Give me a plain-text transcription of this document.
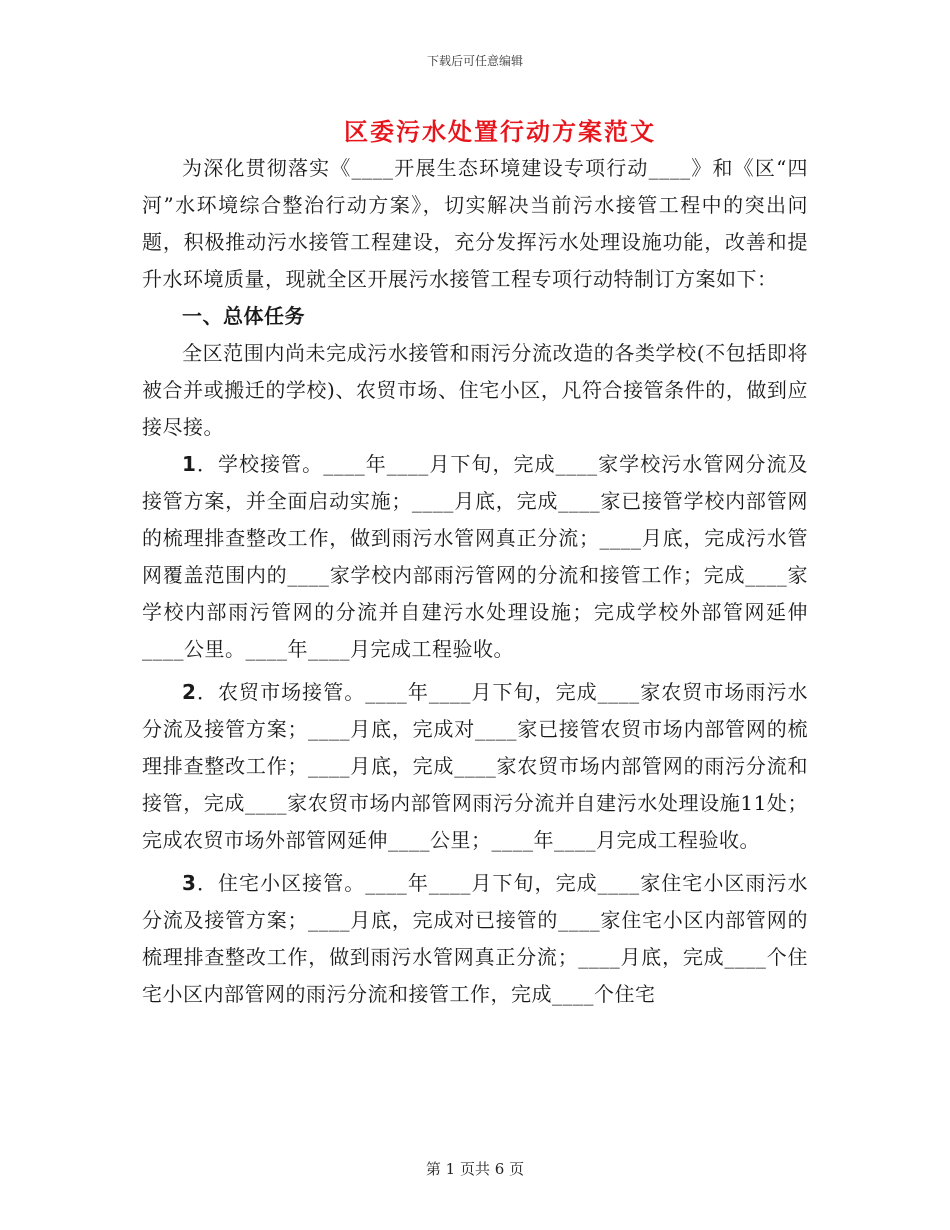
下载后可任意编辑
区委污水处置行动方案范文

为深化贯彻落实《____开展生态环境建设专项行动____》和《区“四河”水环境综合整治行动方案》，切实解决当前污水接管工程中的突出问题，积极推动污水接管工程建设，充分发挥污水处理设施功能，改善和提升水环境质量，现就全区开展污水接管工程专项行动特制订方案如下：

一、总体任务

全区范围内尚未完成污水接管和雨污分流改造的各类学校(不包括即将被合并或搬迁的学校)、农贸市场、住宅小区，凡符合接管条件的，做到应接尽接。

1．学校接管。____年____月下旬，完成____家学校污水管网分流及接管方案，并全面启动实施；____月底，完成____家已接管学校内部管网的梳理排查整改工作，做到雨污水管网真正分流；____月底，完成污水管网覆盖范围内的____家学校内部雨污管网的分流和接管工作；完成____家学校内部雨污管网的分流并自建污水处理设施；完成学校外部管网延伸____公里。____年____月完成工程验收。

2．农贸市场接管。____年____月下旬，完成____家农贸市场雨污水分流及接管方案；____月底，完成对____家已接管农贸市场内部管网的梳理排查整改工作；____月底，完成____家农贸市场内部管网的雨污分流和接管，完成____家农贸市场内部管网雨污分流并自建污水处理设施11处；完成农贸市场外部管网延伸____公里；____年____月完成工程验收。

3．住宅小区接管。____年____月下旬，完成____家住宅小区雨污水分流及接管方案；____月底，完成对已接管的____家住宅小区内部管网的梳理排查整改工作，做到雨污水管网真正分流；____月底，完成____个住宅小区内部管网的雨污分流和接管工作，完成____个住宅

第 1 页共 6 页
